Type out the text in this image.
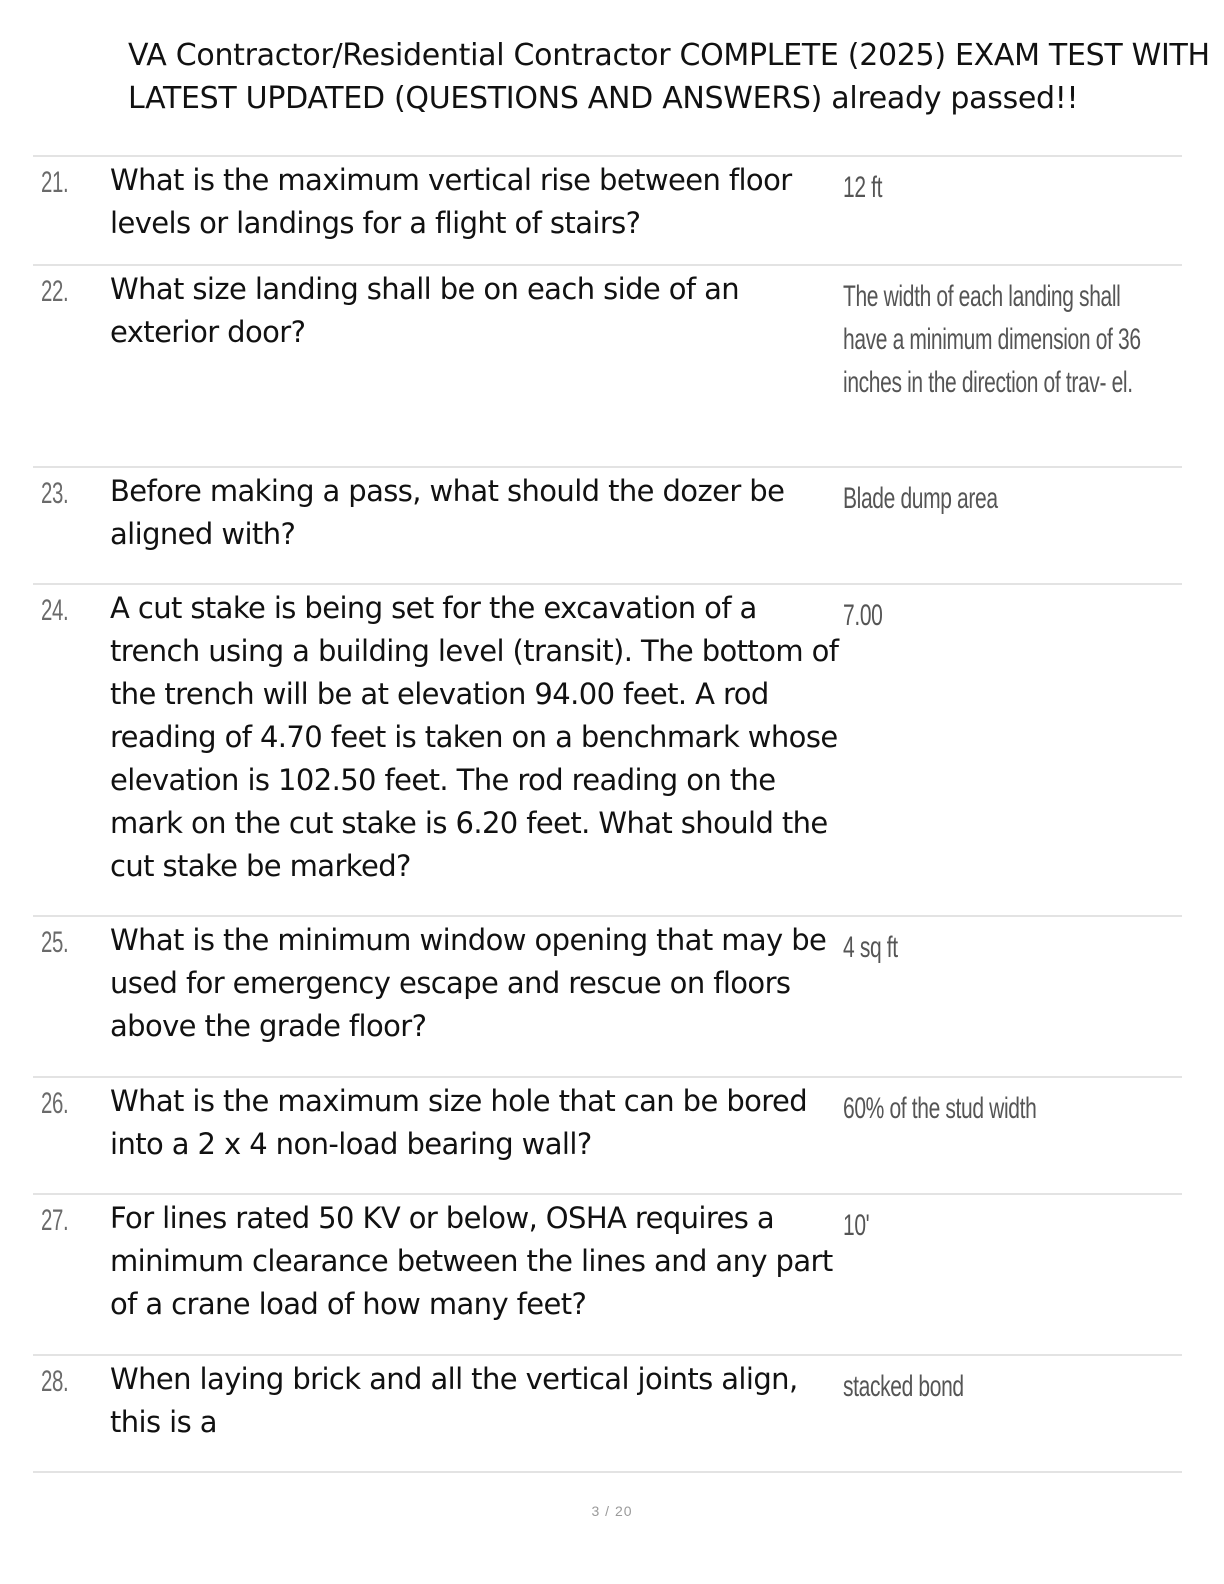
VA Contractor/Residential Contractor COMPLETE (2025) EXAM TEST WITH LATEST UPDATED (QUESTIONS AND ANSWERS) already passed!!
21. What is the maximum vertical rise between floor levels or landings for a flight of stairs?
12 ft
22. What size landing shall be on each side of an exterior door?
The width of each landing shall have a minimum dimension of 36 inches in the direction of trav- el.
23. Before making a pass, what should the dozer be aligned with?
Blade dump area
24. A cut stake is being set for the excavation of a trench using a building level (transit). The bottom of the trench will be at elevation 94.00 feet. A rod reading of 4.70 feet is taken on a benchmark whose elevation is 102.50 feet. The rod reading on the mark on the cut stake is 6.20 feet. What should the cut stake be marked?
7.00
25. What is the minimum window opening that may be used for emergency escape and rescue on floors above the grade floor?
4 sq ft
26. What is the maximum size hole that can be bored into a 2 x 4 non-load bearing wall?
60% of the stud width
27. For lines rated 50 KV or below, OSHA requires a minimum clearance between the lines and any part of a crane load of how many feet?
10'
28. When laying brick and all the vertical joints align, this is a
stacked bond
3 / 20
